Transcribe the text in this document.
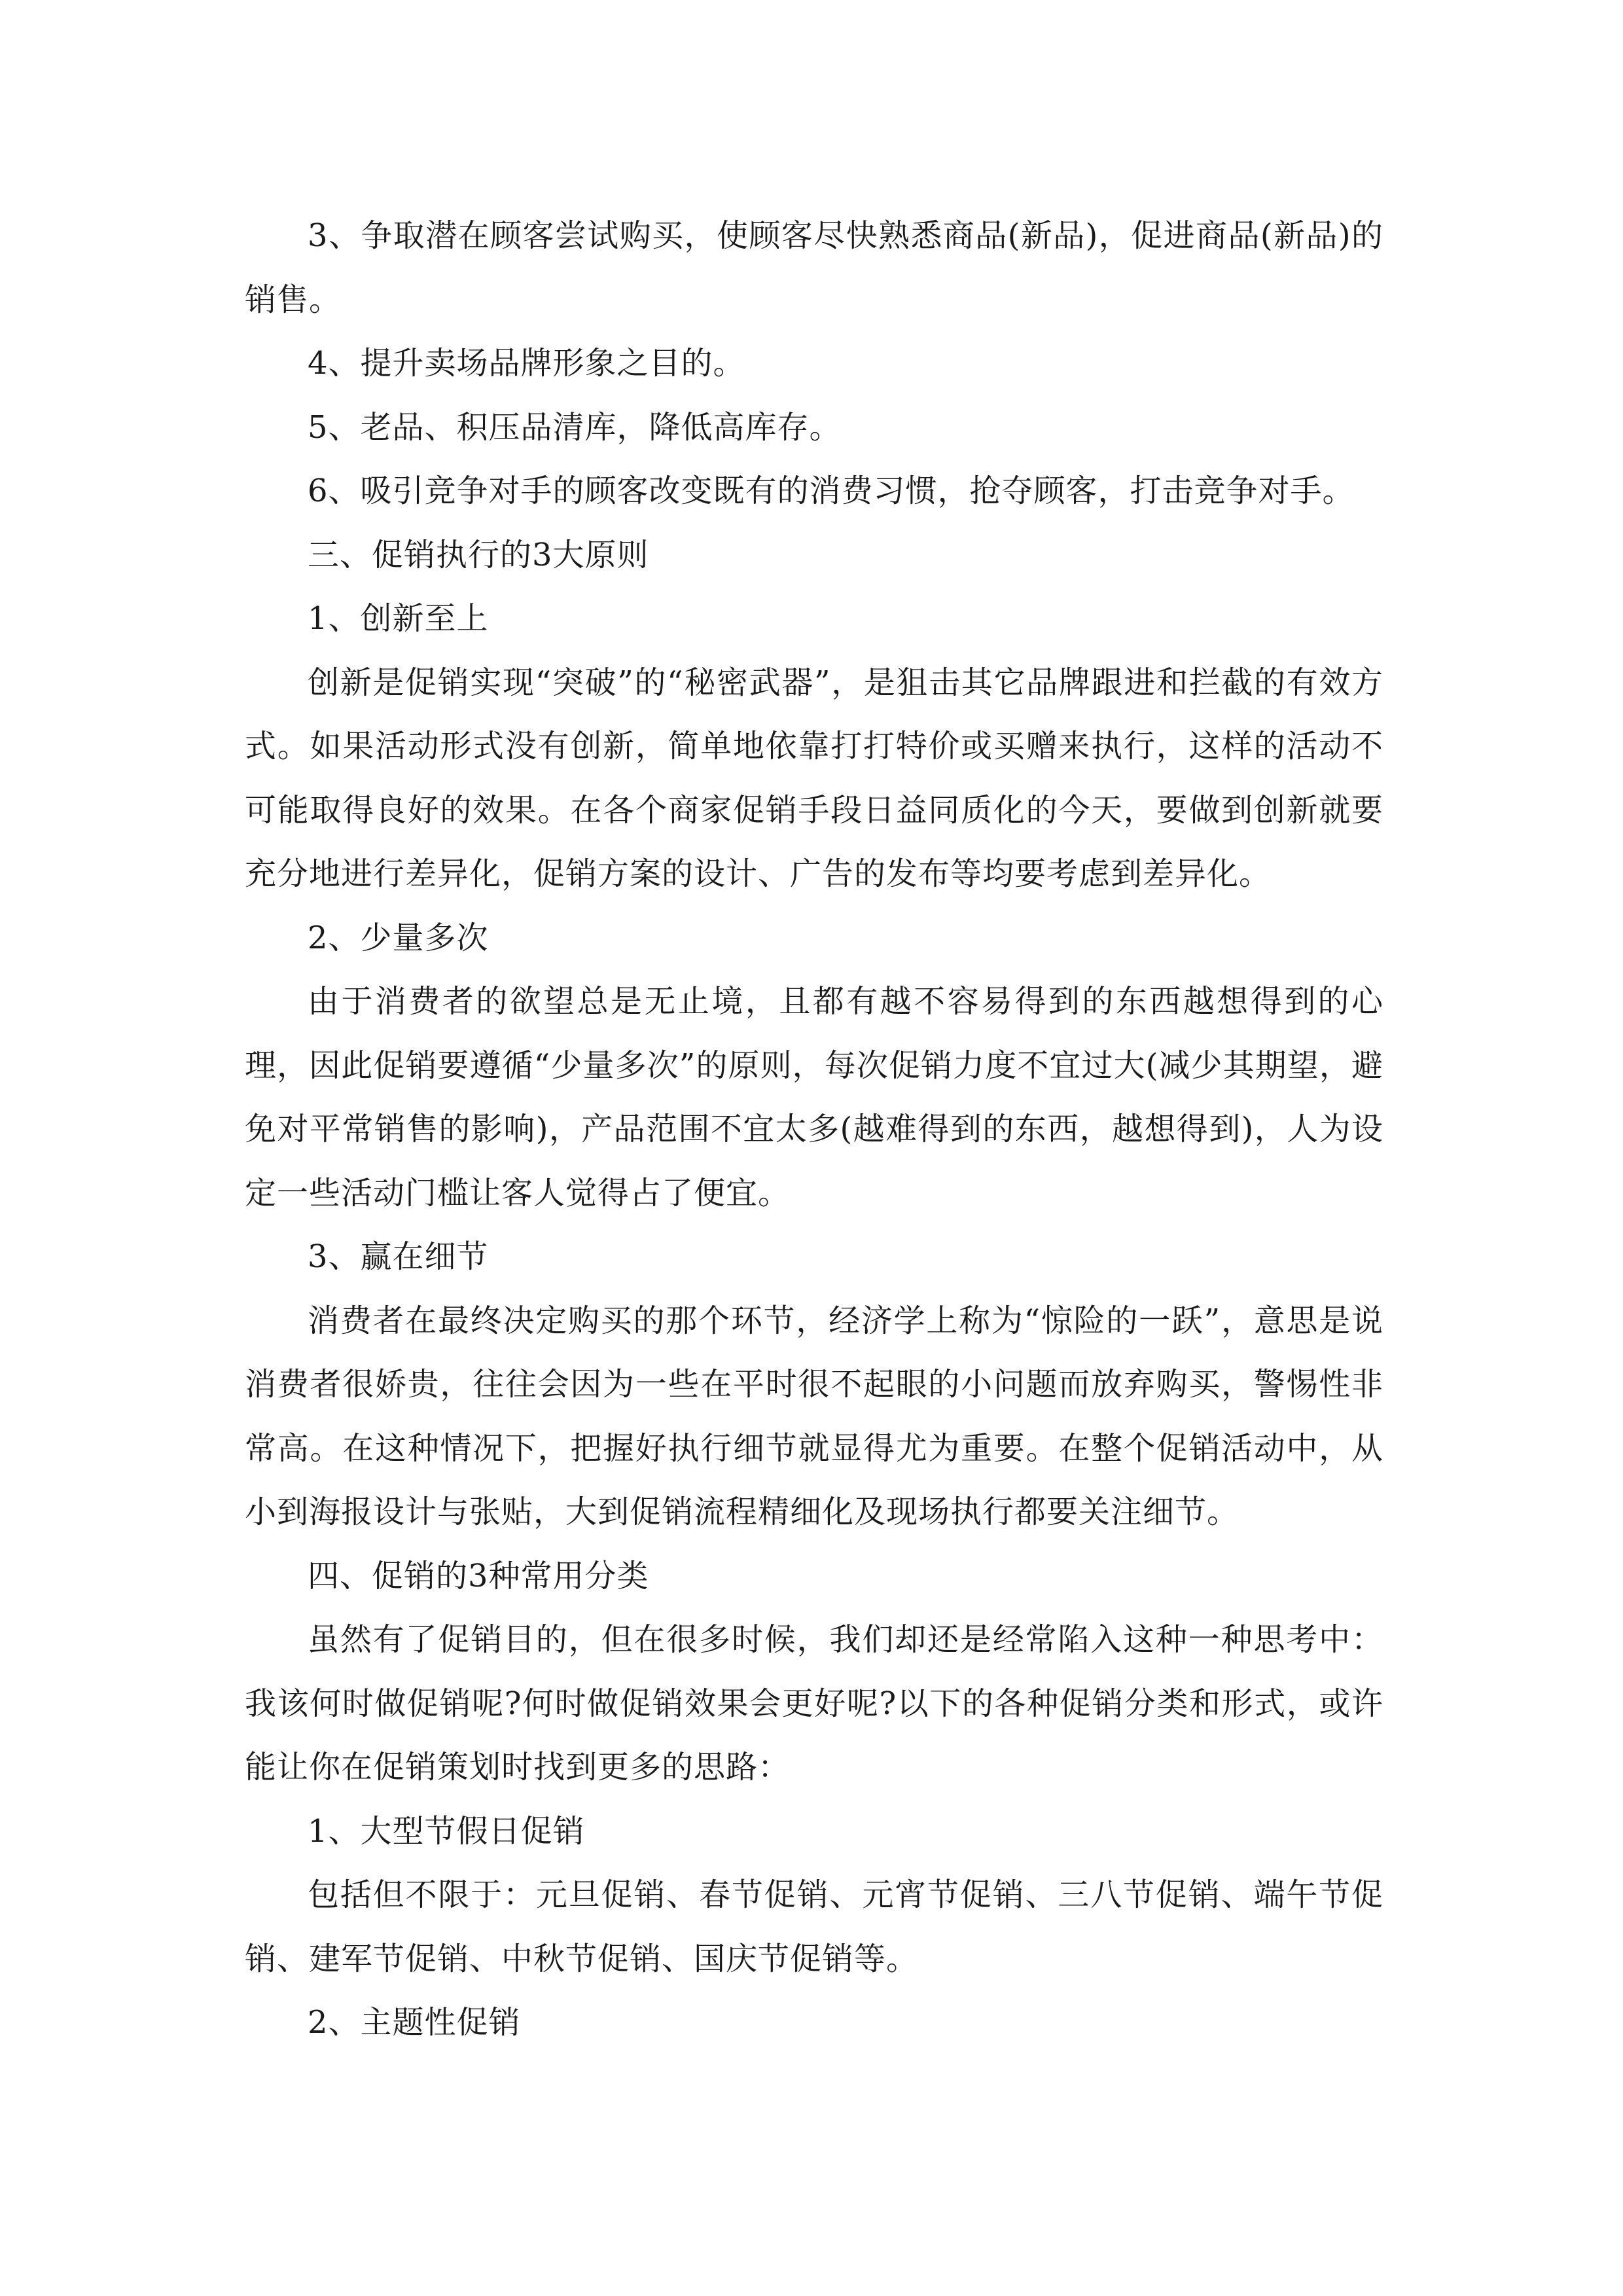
3、争取潜在顾客尝试购买，使顾客尽快熟悉商品(新品)，促进商品(新品)的销售。

4、提升卖场品牌形象之目的。

5、老品、积压品清库，降低高库存。

6、吸引竞争对手的顾客改变既有的消费习惯，抢夺顾客，打击竞争对手。

三、促销执行的3大原则

1、创新至上

创新是促销实现“突破”的“秘密武器”，是狙击其它品牌跟进和拦截的有效方式。如果活动形式没有创新，简单地依靠打打特价或买赠来执行，这样的活动不可能取得良好的效果。在各个商家促销手段日益同质化的今天，要做到创新就要充分地进行差异化，促销方案的设计、广告的发布等均要考虑到差异化。

2、少量多次

由于消费者的欲望总是无止境，且都有越不容易得到的东西越想得到的心理，因此促销要遵循“少量多次”的原则，每次促销力度不宜过大(减少其期望，避免对平常销售的影响)，产品范围不宜太多(越难得到的东西，越想得到)，人为设定一些活动门槛让客人觉得占了便宜。

3、赢在细节

消费者在最终决定购买的那个环节，经济学上称为“惊险的一跃”，意思是说消费者很娇贵，往往会因为一些在平时很不起眼的小问题而放弃购买，警惕性非常高。在这种情况下，把握好执行细节就显得尤为重要。在整个促销活动中，从小到海报设计与张贴，大到促销流程精细化及现场执行都要关注细节。

四、促销的3种常用分类

虽然有了促销目的，但在很多时候，我们却还是经常陷入这种一种思考中：我该何时做促销呢?何时做促销效果会更好呢?以下的各种促销分类和形式，或许能让你在促销策划时找到更多的思路：

1、大型节假日促销

包括但不限于：元旦促销、春节促销、元宵节促销、三八节促销、端午节促销、建军节促销、中秋节促销、国庆节促销等。

2、主题性促销
